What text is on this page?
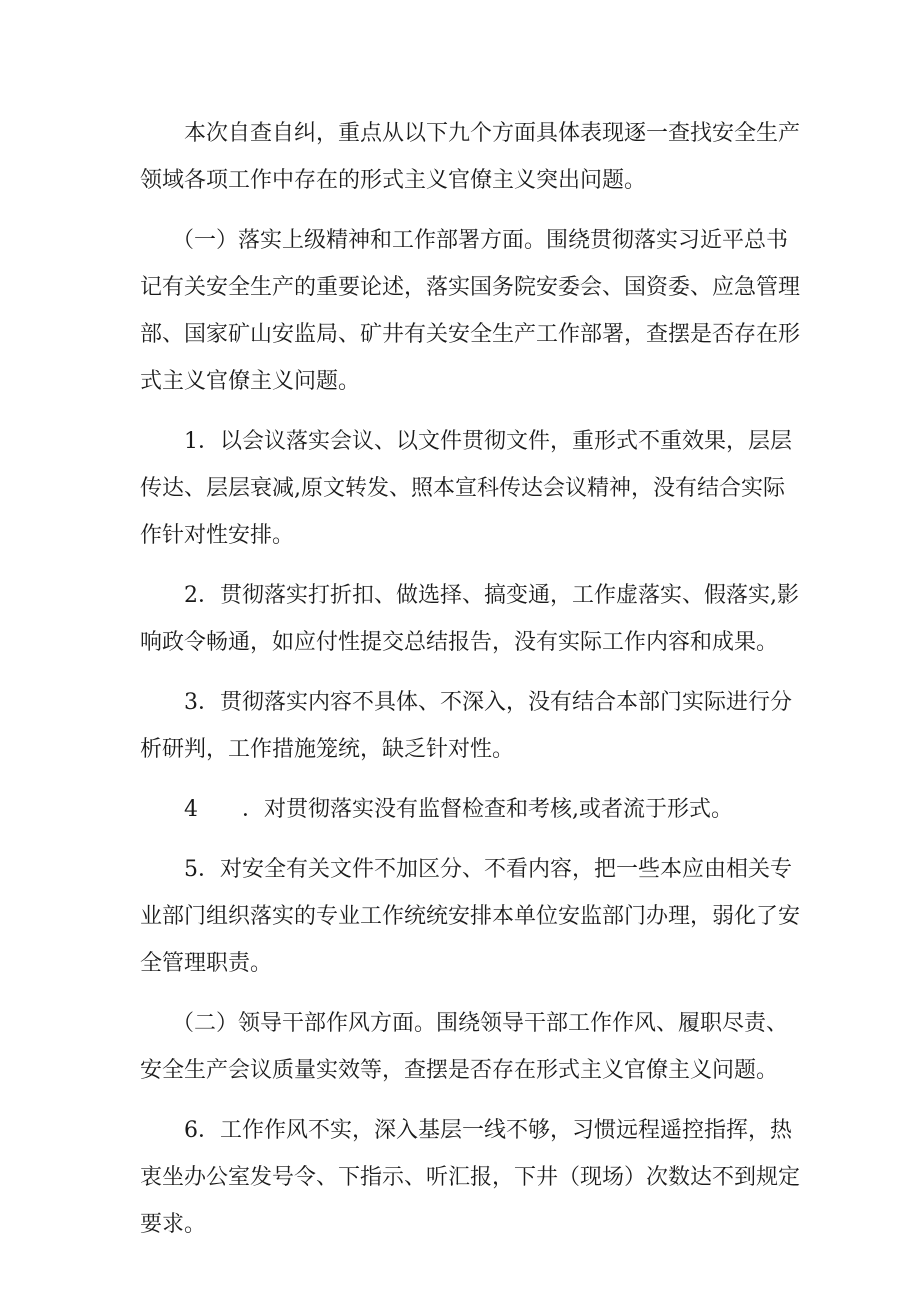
本次自查自纠，重点从以下九个方面具体表现逐一查找安全生产
领域各项工作中存在的形式主义官僚主义突出问题。

（一）落实上级精神和工作部署方面。围绕贯彻落实习近平总书
记有关安全生产的重要论述，落实国务院安委会、国资委、应急管理
部、国家矿山安监局、矿井有关安全生产工作部署，查摆是否存在形
式主义官僚主义问题。

1．以会议落实会议、以文件贯彻文件，重形式不重效果，层层
传达、层层衰减,原文转发、照本宣科传达会议精神，没有结合实际
作针对性安排。

2．贯彻落实打折扣、做选择、搞变通，工作虚落实、假落实,影
响政令畅通，如应付性提交总结报告，没有实际工作内容和成果。

3．贯彻落实内容不具体、不深入，没有结合本部门实际进行分
析研判，工作措施笼统，缺乏针对性。

4　　．对贯彻落实没有监督检查和考核,或者流于形式。

5．对安全有关文件不加区分、不看内容，把一些本应由相关专
业部门组织落实的专业工作统统安排本单位安监部门办理，弱化了安
全管理职责。

（二）领导干部作风方面。围绕领导干部工作作风、履职尽责、
安全生产会议质量实效等，查摆是否存在形式主义官僚主义问题。

6．工作作风不实，深入基层一线不够，习惯远程遥控指挥，热
衷坐办公室发号令、下指示、听汇报，下井（现场）次数达不到规定
要求。
